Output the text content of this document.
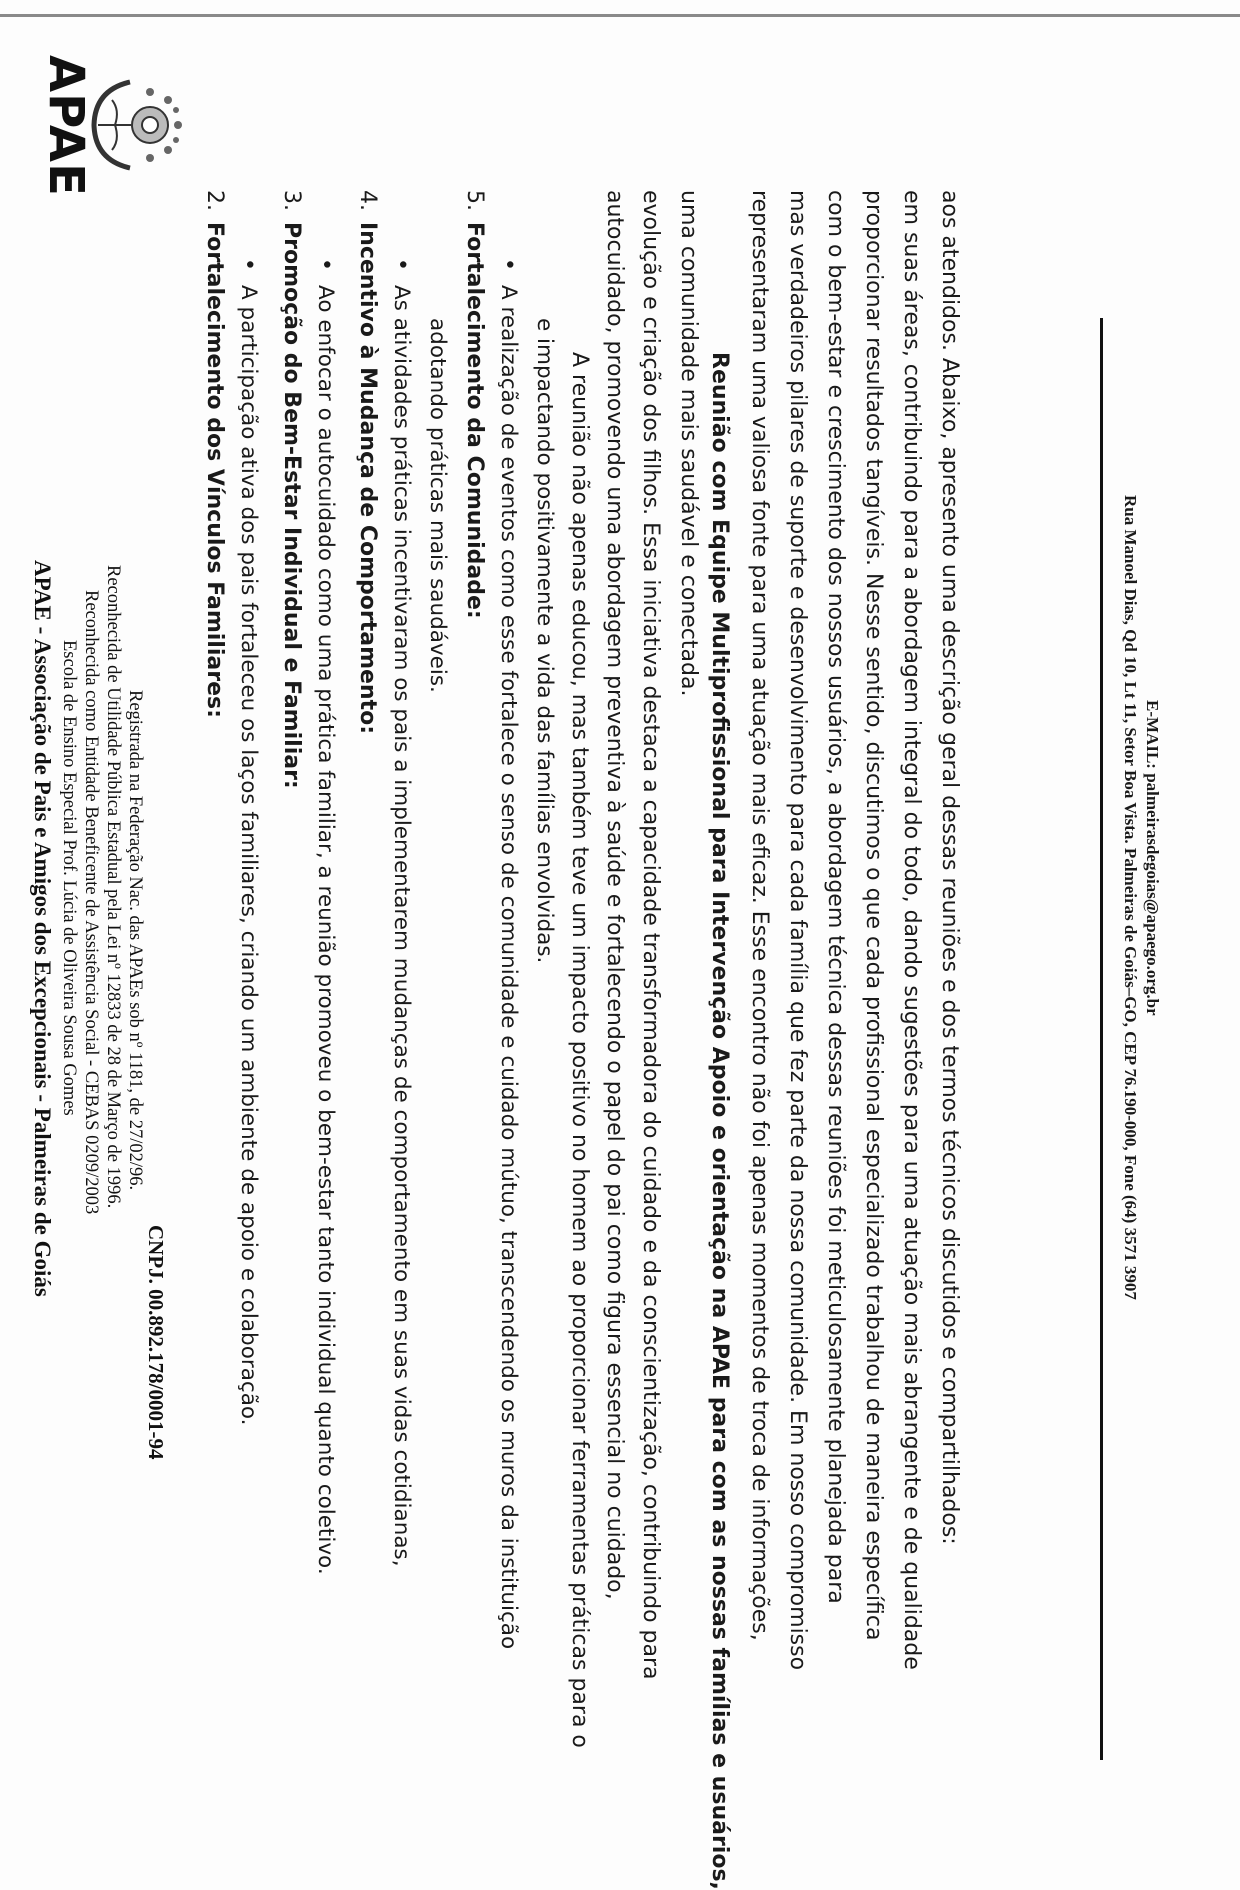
APAE
APAE - Associação de Pais e Amigos dos Excepcionais - Palmeiras de Goiás Escola de Ensino Especial Prof. Lúcia de Oliveira Sousa Gomes Reconhecida como Entidade Beneficente de Assistência Social - CEBAS 0209/2003 Reconhecida de Utilidade Pública Estadual pela Lei nº 12833 de 28 de Março de 1996. Registrada na Federação Nac. das APAEs sob nº 1181, de 27/02/96.
CNPJ. 00.892.178/0001-94
2.
Fortalecimento dos Vínculos Familiares: •
A participação ativa dos pais fortaleceu os laços familiares, criando um ambiente de apoio e colaboração.
3.
Promoção do Bem-Estar Individual e Familiar: •
Ao enfocar o autocuidado como uma prática familiar, a reunião promoveu o bem-estar tanto individual quanto coletivo.
4.
Incentivo à Mudança de Comportamento: •
As atividades práticas incentivaram os pais a implementarem mudanças de comportamento em suas vidas cotidianas, adotando práticas mais saudáveis.
5.
Fortalecimento da Comunidade: •
A realização de eventos como esse fortalece o senso de comunidade e cuidado mútuo, transcendendo os muros da instituição e impactando positivamente a vida das famílias envolvidas. A reunião não apenas educou, mas também teve um impacto positivo no homem ao proporcionar ferramentas práticas para o autocuidado, promovendo uma abordagem preventiva à saúde e fortalecendo o papel do pai como figura essencial no cuidado, evolução e criação dos filhos. Essa iniciativa destaca a capacidade transformadora do cuidado e da conscientização, contribuindo para uma comunidade mais saudável e conectada. Reunião com Equipe Multiprofissional para Intervenção Apoio e orientação na APAE para com as nossas famílias e usuários, representaram uma valiosa fonte para uma atuação mais eficaz. Esse encontro não foi apenas momentos de troca de informações, mas verdadeiros pilares de suporte e desenvolvimento para cada família que fez parte da nossa comunidade. Em nosso compromisso com o bem-estar e crescimento dos nossos usuários, a abordagem técnica dessas reuniões foi meticulosamente planejada para proporcionar resultados tangíveis. Nesse sentido, discutimos o que cada profissional especializado trabalhou de maneira específica em suas áreas, contribuindo para a abordagem integral do todo, dando sugestões para uma atuação mais abrangente e de qualidade aos atendidos. Abaixo, apresento uma descrição geral dessas reuniões e dos termos técnicos discutidos e compartilhados:	Rua Manoel Dias, Qd 10, Lt 11, Setor Boa Vista. Palmeiras de Goiás–GO, CEP 76.190-000, Fone (64) 3571 3907 E-MAIL: palmeirasdegoias@apaego.org.br
